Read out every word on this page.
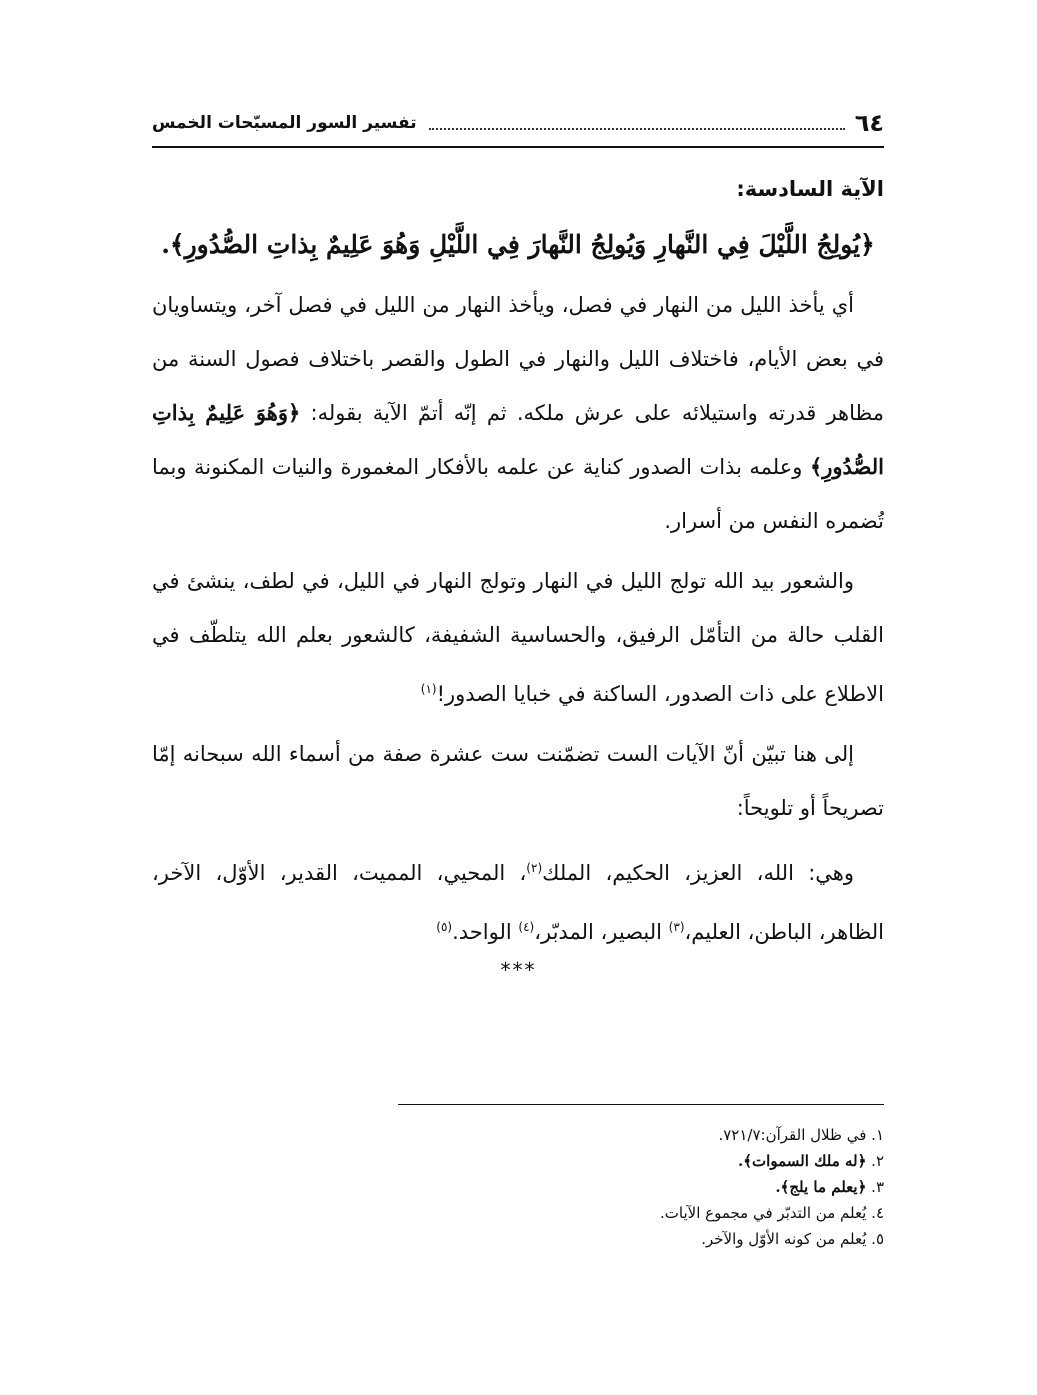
٦٤
تفسير السور المسبّحات الخمس
الآية السادسة:
﴿يُولِجُ اللَّيْلَ فِي النَّهارِ وَيُولِجُ النَّهارَ فِي اللَّيْلِ وَهُوَ عَلِيمٌ بِذاتِ الصُّدُورِ﴾.

أي يأخذ الليل من النهار في فصل، ويأخذ النهار من الليل في فصل آخر، ويتساويان في بعض الأيام، فاختلاف الليل والنهار في الطول والقصر باختلاف فصول السنة من مظاهر قدرته واستيلائه على عرش ملكه. ثم إنّه أتمّ الآية بقوله: ﴿وَهُوَ عَلِيمٌ بِذاتِ الصُّدُورِ﴾ وعلمه بذات الصدور كناية عن علمه بالأفكار المغمورة والنيات المكنونة وبما تُضمره النفس من أسرار.

والشعور بيد الله تولج الليل في النهار وتولج النهار في الليل، في لطف، ينشئ في القلب حالة من التأمّل الرفيق، والحساسية الشفيفة، كالشعور بعلم الله يتلطّف في الاطلاع على ذات الصدور، الساكنة في خبايا الصدور!$^{(١)}$

إلى هنا تبيّن أنّ الآيات الست تضمّنت ست عشرة صفة من أسماء الله سبحانه إمّا تصريحاً أو تلويحاً:

وهي: الله، العزيز، الحكيم، الملك$^{(٢)}$، المحيي، المميت، القدير، الأوّل، الآخر، الظاهر، الباطن، العليم،$^{(٣)}$ البصير، المدبّر،$^{(٤)}$ الواحد.$^{(٥)}$

***
١. في ظلال القرآن:٧٢١/٧.
٢. ﴿له ملك السموات﴾.
٣. ﴿يعلم ما يلج﴾.
٤. يُعلم من التدبّر في مجموع الآيات.
٥. يُعلم من كونه الأوّل والآخر.
